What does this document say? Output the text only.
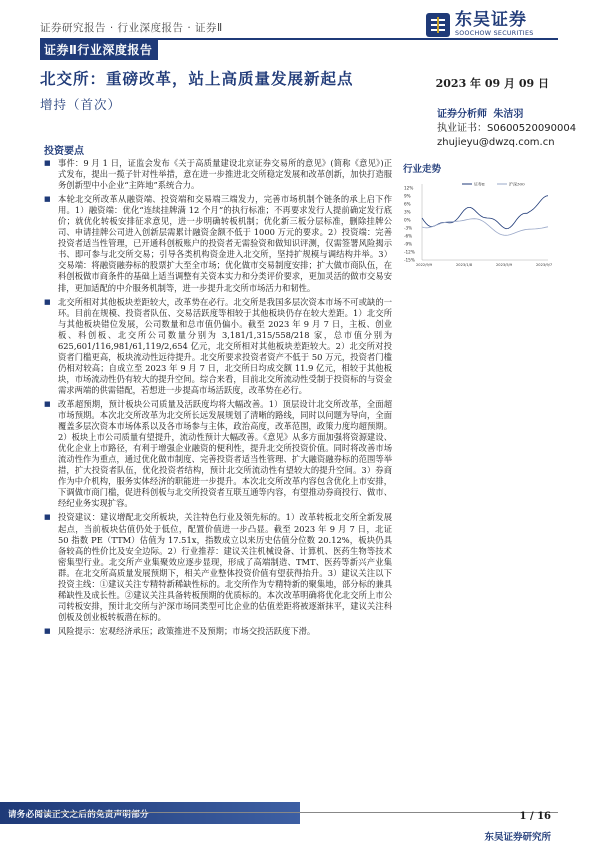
证券研究报告 · 行业深度报告 · 证券Ⅱ	东吴证券
SOOCHOW SECURITIES
证券Ⅱ行业深度报告
北交所：重磅改革，站上高质量发展新起点	2023 年 09 月 09 日
增持（首次）
证券分析师 朱洁羽
执业证书：S0600520090004
zhujieyu@dwzq.com.cn
投资要点

■ 事件：9 月 1 日，证监会发布《关于高质量建设北京证券交易所的意见》(简称《意见》)正式发布，提出一揽子针对性举措，意在进一步推进北交所稳定发展和改革创新，加快打造服务创新型中小企业“主阵地”系统合力。

■ 本轮北交所改革从融资端、投资端和交易端三端发力，完善市场机制个链条的承上启下作用。1）融资端：优化“连续挂牌满 12 个月”的执行标准；不再要求发行人提前确定发行底价；就优化转板安排征求意见，进一步明确转板机制；优化新三板分层标准，删除挂牌公司、申请挂牌公司进入创新层需累计融资金额不低于 1000 万元的要求。2）投资端：完善投资者适当性管理，已开通科创板账户的投资者无需验资和做知识评测，仅需签署风险揭示书、即可参与北交所交易；引导各类机构资金进入北交所，坚持扩规模与调结构并举。3）交易端：将融资融券标的股票扩大至全市场；优化做市交易制度安排；扩大做市商队伍，在科创板做市商条件的基础上适当调整有关资本实力和分类评价要求，更加灵活的做市交易安排，更加适配的中介服务机制等，进一步提升北交所市场活力和韧性。

■ 北交所相对其他板块差距较大，改革势在必行。北交所是我国多层次资本市场不可或缺的一环。目前在规模、投资者队伍、交易活跃度等相较于其他板块仍存在较大差距。1）北交所与其他板块错位发展，公司数量和总市值仍偏小。截至 2023 年 9 月 7 日，主板、创业板、科创板、北交所公司数量分别为 3,181/1,315/558/218 家，总市值分别为 625,601/116,981/61,119/2,654 亿元，北交所相对其他板块差距较大。2）北交所对投资者门槛更高，板块流动性远待提升。北交所要求投资者资产不低于 50 万元，投资者门槛仍相对较高；自成立至 2023 年 9 月 7 日，北交所日均成交额 11.9 亿元，相较于其他板块，市场流动性仍有较大的提升空间。综合来看，目前北交所流动性受制于投资标的与资金需求两端的供需错配，若想进一步提高市场活跃度，改革势在必行。

■ 改革超预期，预计板块公司质量及活跃度均将大幅改善。1）顶层设计北交所改革，全面超市场预期。本次北交所改革为北交所长远发展规划了清晰的路线，同时以问题为导向，全面覆盖多层次资本市场体系以及各市场参与主体，政治高度，改革范围，政策力度均超预期。2）板块上市公司质量有望提升，流动性预计大幅改善。《意见》从多方面加强将资源建设、优化企业上市路径，有利于增强企业融资的便利性，提升北交所投资价值。同时将改善市场流动性作为重点，通过优化做市制度、完善投资者适当性管理、扩大融资融券标的范围等举措，扩大投资者队伍，优化投资者结构，预计北交所流动性有望较大的提升空间。3）券商作为中介机构，服务实体经济的职能进一步提升。本次北交所改革内容包含优化上市安排，下调做市商门槛，促进科创板与北交所投资者互联互通等内容，有望推动券商投行、做市、经纪业务实现扩容。

■ 投资建议：建议增配北交所板块，关注特色行业及领先标的。1）改革转板北交所全新发展起点，当前板块估值仍处于低位，配置价值进一步凸显。截至 2023 年 9 月 7 日，北证 50 指数 PE（TTM）估值为 17.51x，指数成立以来历史估值分位数 20.12%，板块仍具备较高的性价比及安全边际。2）行业推荐：建议关注机械设备、计算机、医药生物等技术密集型行业。北交所产业集聚效应逐步显现，形成了高端制造、TMT、医药等新兴产业集群。在北交所高质量发展预期下，相关产业整体投资价值有望获得抬升。3）建议关注以下投资主线：①建议关注专精特新稀缺性标的。北交所作为专精特新的聚集地，部分标的兼具稀缺性及成长性。②建议关注具备转板预期的优质标的。本次改革明确将优化北交所上市公司转板安排，预计北交所与沪深市场同类型可比企业的估值差距将被逐渐抹平，建议关注科创板及创业板转板潜在标的。

■ 风险提示：宏观经济承压；政策推进不及预期；市场交投活跃度下滑。

行业走势
12%
9%
6%
3%
0%
-3%
-6%
-9%
-12%
-15%
2022/9/9	2023/1/8	2023/5/9	2023/9/7
证券Ⅱ	沪深300
请务必阅读正文之后的免责声明部分	1 / 16
东吴证券研究所
